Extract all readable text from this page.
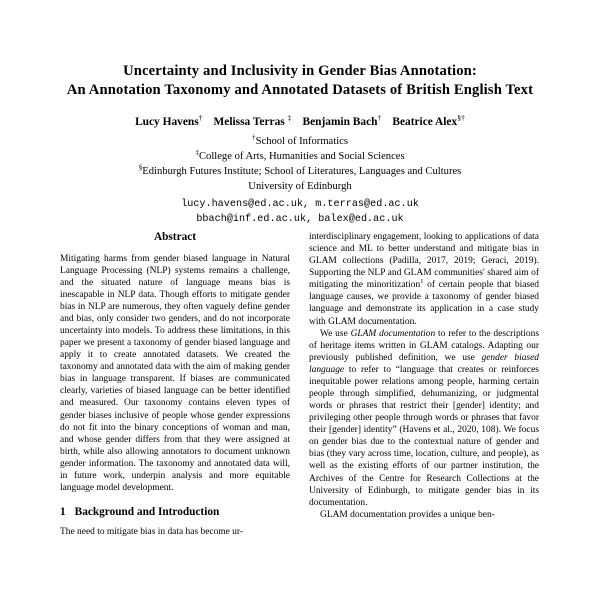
Uncertainty and Inclusivity in Gender Bias Annotation:
An Annotation Taxonomy and Annotated Datasets of British English Text
Lucy Havens† Melissa Terras ‡ Benjamin Bach† Beatrice Alex§†
†School of Informatics
‡College of Arts, Humanities and Social Sciences
§Edinburgh Futures Institute; School of Literatures, Languages and Cultures
University of Edinburgh
lucy.havens@ed.ac.uk, m.terras@ed.ac.uk
bbach@inf.ed.ac.uk, balex@ed.ac.uk
Abstract

Mitigating harms from gender biased language in Natural Language Processing (NLP) systems remains a challenge, and the situated nature of language means bias is inescapable in NLP data. Though efforts to mitigate gender bias in NLP are numerous, they often vaguely define gender and bias, only consider two genders, and do not incorporate uncertainty into models. To address these limitations, in this paper we present a taxonomy of gender biased language and apply it to create annotated datasets. We created the taxonomy and annotated data with the aim of making gender bias in language transparent. If biases are communicated clearly, varieties of biased language can be better identified and measured. Our taxonomy contains eleven types of gender biases inclusive of people whose gender expressions do not fit into the binary conceptions of woman and man, and whose gender differs from that they were assigned at birth, while also allowing annotators to document unknown gender information. The taxonomy and annotated data will, in future work, underpin analysis and more equitable language model development.

1 Background and Introduction

The need to mitigate bias in data has become ur-

interdisciplinary engagement, looking to applications of data science and ML to better understand and mitigate bias in GLAM collections (Padilla, 2017, 2019; Geraci, 2019). Supporting the NLP and GLAM communities' shared aim of mitigating the minoritization$^1$ of certain people that biased language causes, we provide a taxonomy of gender biased language and demonstrate its application in a case study with GLAM documentation.

We use GLAM documentation to refer to the descriptions of heritage items written in GLAM catalogs. Adapting our previously published definition, we use gender biased language to refer to “language that creates or reinforces inequitable power relations among people, harming certain people through simplified, dehumanizing, or judgmental words or phrases that restrict their [gender] identity; and privileging other people through words or phrases that favor their [gender] identity” (Havens et al., 2020, 108). We focus on gender bias due to the contextual nature of gender and bias (they vary across time, location, culture, and people), as well as the existing efforts of our partner institution, the Archives of the Centre for Research Collections at the University of Edinburgh, to mitigate gender bias in its documentation.

GLAM documentation provides a unique ben-
